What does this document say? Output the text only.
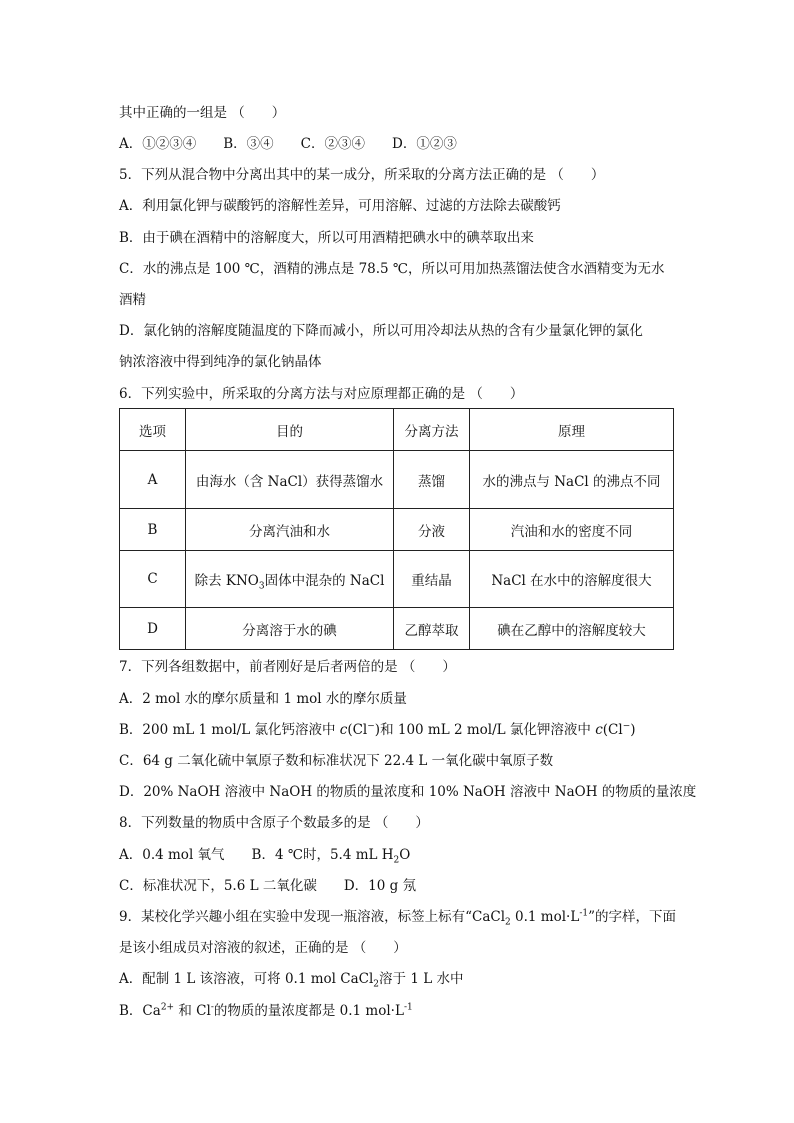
其中正确的一组是 （　　）
A．①②③④　　B．③④　　C．②③④　　D．①②③
5．下列从混合物中分离出其中的某一成分，所采取的分离方法正确的是 （　　）
A．利用氯化钾与碳酸钙的溶解性差异，可用溶解、过滤的方法除去碳酸钙
B．由于碘在酒精中的溶解度大，所以可用酒精把碘水中的碘萃取出来
C．水的沸点是 100 ℃，酒精的沸点是 78.5 ℃，所以可用加热蒸馏法使含水酒精变为无水
酒精
D．氯化钠的溶解度随温度的下降而减小，所以可用冷却法从热的含有少量氯化钾的氯化
钠浓溶液中得到纯净的氯化钠晶体
6．下列实验中，所采取的分离方法与对应原理都正确的是 （　　）
选项	目的	分离方法	原理
A	由海水（含 NaCl）获得蒸馏水	蒸馏	水的沸点与 NaCl 的沸点不同
B	分离汽油和水	分液	汽油和水的密度不同
C	除去 $KNO_3$固体中混杂的 NaCl	重结晶	NaCl 在水中的溶解度很大
D	分离溶于水的碘	乙醇萃取	碘在乙醇中的溶解度较大
7．下列各组数据中，前者刚好是后者两倍的是 （　　）
A．2 mol 水的摩尔质量和 1 mol 水的摩尔质量
B．200 mL 1 mol/L 氯化钙溶液中 c(Cl−)和 100 mL 2 mol/L 氯化钾溶液中 c(Cl−)
C．64 g 二氧化硫中氧原子数和标准状况下 22.4 L 一氧化碳中氧原子数
D．20% NaOH 溶液中 NaOH 的物质的量浓度和 10% NaOH 溶液中 NaOH 的物质的量浓度
8．下列数量的物质中含原子个数最多的是 （　　）
A．0.4 mol 氧气　　B．4 ℃时，5.4 mL $H_2O$
C．标准状况下，5.6 L 二氧化碳　　D．10 g 氖
9．某校化学兴趣小组在实验中发现一瓶溶液，标签上标有“CaCl$_2$ 0.1 $mol\cdot L^{-1}$”的字样，下面
是该小组成员对溶液的叙述，正确的是 （　　）
A．配制 1 L 该溶液，可将 0.1 mol CaCl$_2$溶于 1 L 水中
B．$Ca^{2+}$ 和 Cl-的物质的量浓度都是 0.1 $mol\cdot L^{-1}$
